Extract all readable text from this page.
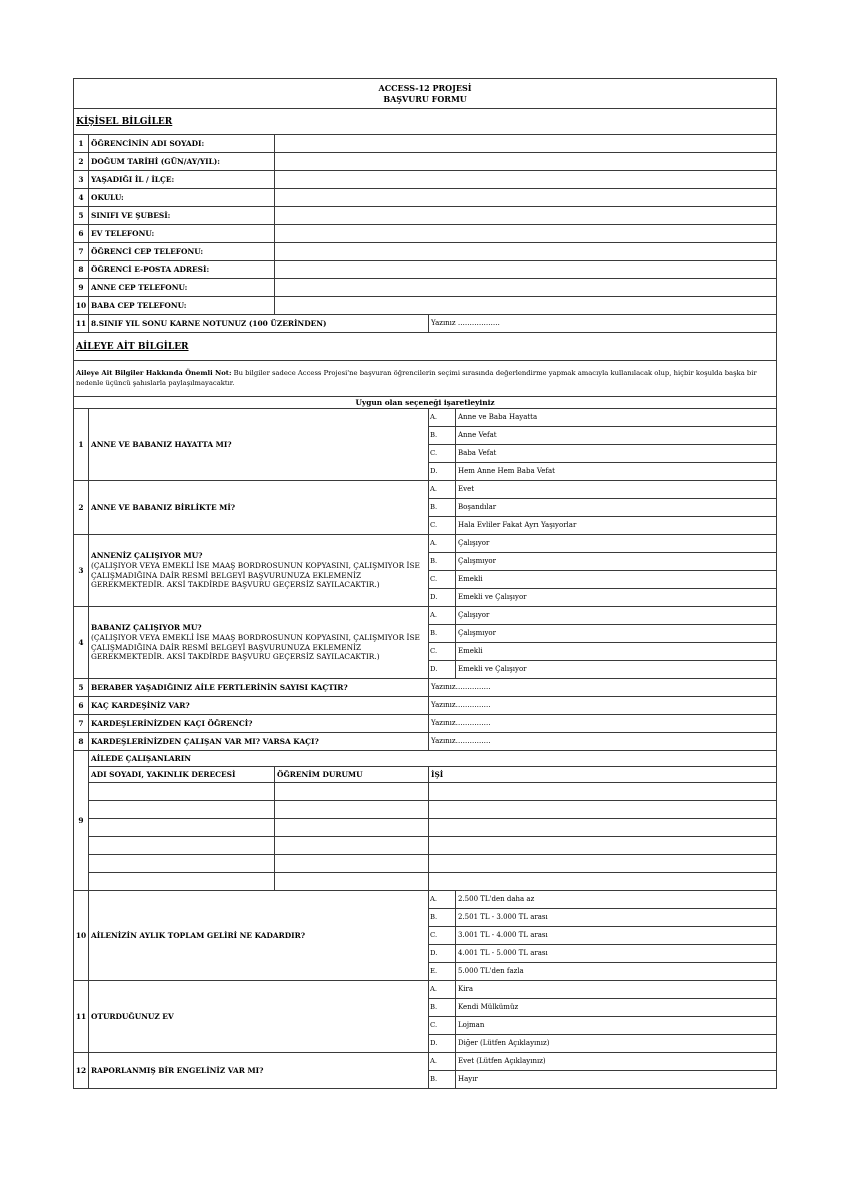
ACCESS-12 PROJESİ
BAŞVURU FORMU				
KİŞİSEL BİLGİLER				
1	ÖĞRENCİNİN ADI SOYADI:			
2	DOĞUM TARİHİ (GÜN/AY/YIL):			
3	YAŞADIĞI İL / İLÇE:			
4	OKULU:			
5	SINIFI VE ŞUBESİ:			
6	EV TELEFONU:			
7	ÖĞRENCİ CEP TELEFONU:			
8	ÖĞRENCİ E-POSTA ADRESİ:			
9	ANNE CEP TELEFONU:			
10	BABA CEP TELEFONU:			
11	8.SINIF YIL SONU KARNE NOTUNUZ (100 ÜZERİNDEN)		Yazınız ………………	
AİLEYE AİT BİLGİLER				
Aileye Ait Bilgiler Hakkında Önemli Not: Bu bilgiler sadece Access Projesi'ne başvuran öğrencilerin seçimi sırasında değerlendirme yapmak amacıyla kullanılacak olup, hiçbir koşulda başka bir nedenle üçüncü şahıslarla paylaşılmayacaktır.				
Uygun olan seçeneği işaretleyiniz				
1	ANNE VE BABANIZ HAYATTA MI?		A.	Anne ve Baba Hayatta
			B.	Anne Vefat
			C.	Baba Vefat
			D.	Hem Anne Hem Baba Vefat
2	ANNE VE BABANIZ BİRLİKTE Mİ?		A.	Evet
			B.	Boşandılar
			C.	Hala Evliler Fakat Ayrı Yaşıyorlar
3	ANNENİZ ÇALIŞIYOR MU?
(ÇALIŞIYOR VEYA EMEKLİ İSE MAAŞ BORDROSUNUN KOPYASINI, ÇALIŞMIYOR İSE ÇALIŞMADIĞINA DAİR RESMİ BELGEYİ BAŞVURUNUZA EKLEMENİZ GEREKMEKTEDİR. AKSİ TAKDİRDE BAŞVURU GEÇERSİZ SAYILACAKTIR.)		A.	Çalışıyor
			B.	Çalışmıyor
			C.	Emekli
			D.	Emekli ve Çalışıyor
4	BABANIZ ÇALIŞIYOR MU?
(ÇALIŞIYOR VEYA EMEKLİ İSE MAAŞ BORDROSUNUN KOPYASINI, ÇALIŞMIYOR İSE ÇALIŞMADIĞINA DAİR RESMİ BELGEYİ BAŞVURUNUZA EKLEMENİZ GEREKMEKTEDİR. AKSİ TAKDİRDE BAŞVURU GEÇERSİZ SAYILACAKTIR.)		A.	Çalışıyor
			B.	Çalışmıyor
			C.	Emekli
			D.	Emekli ve Çalışıyor
5	BERABER YAŞADIĞINIZ AİLE FERTLERİNİN SAYISI KAÇTIR?		Yazınız……………	
6	KAÇ KARDEŞİNİZ VAR?		Yazınız……………	
7	KARDEŞLERİNİZDEN KAÇI ÖĞRENCİ?		Yazınız……………	
8	KARDEŞLERİNİZDEN ÇALIŞAN VAR MI? VARSA KAÇI?		Yazınız……………	
9	AİLEDE ÇALIŞANLARIN			
	ADI SOYADI, YAKINLIK DERECESİ	ÖĞRENİM DURUMU	İŞİ	

10	AİLENİZİN AYLIK TOPLAM GELİRİ NE KADARDIR?		A.	2.500 TL'den daha az
			B.	2.501 TL - 3.000 TL arası
			C.	3.001 TL - 4.000 TL arası
			D.	4.001 TL - 5.000 TL arası
			E.	5.000 TL'den fazla
11	OTURDUĞUNUZ EV		A.	Kira
			B.	Kendi Mülkümüz
			C.	Lojman
			D.	Diğer (Lütfen Açıklayınız)
12	RAPORLANMIŞ BİR ENGELİNİZ VAR MI?		A.	Evet (Lütfen Açıklayınız)
			B.	Hayır
